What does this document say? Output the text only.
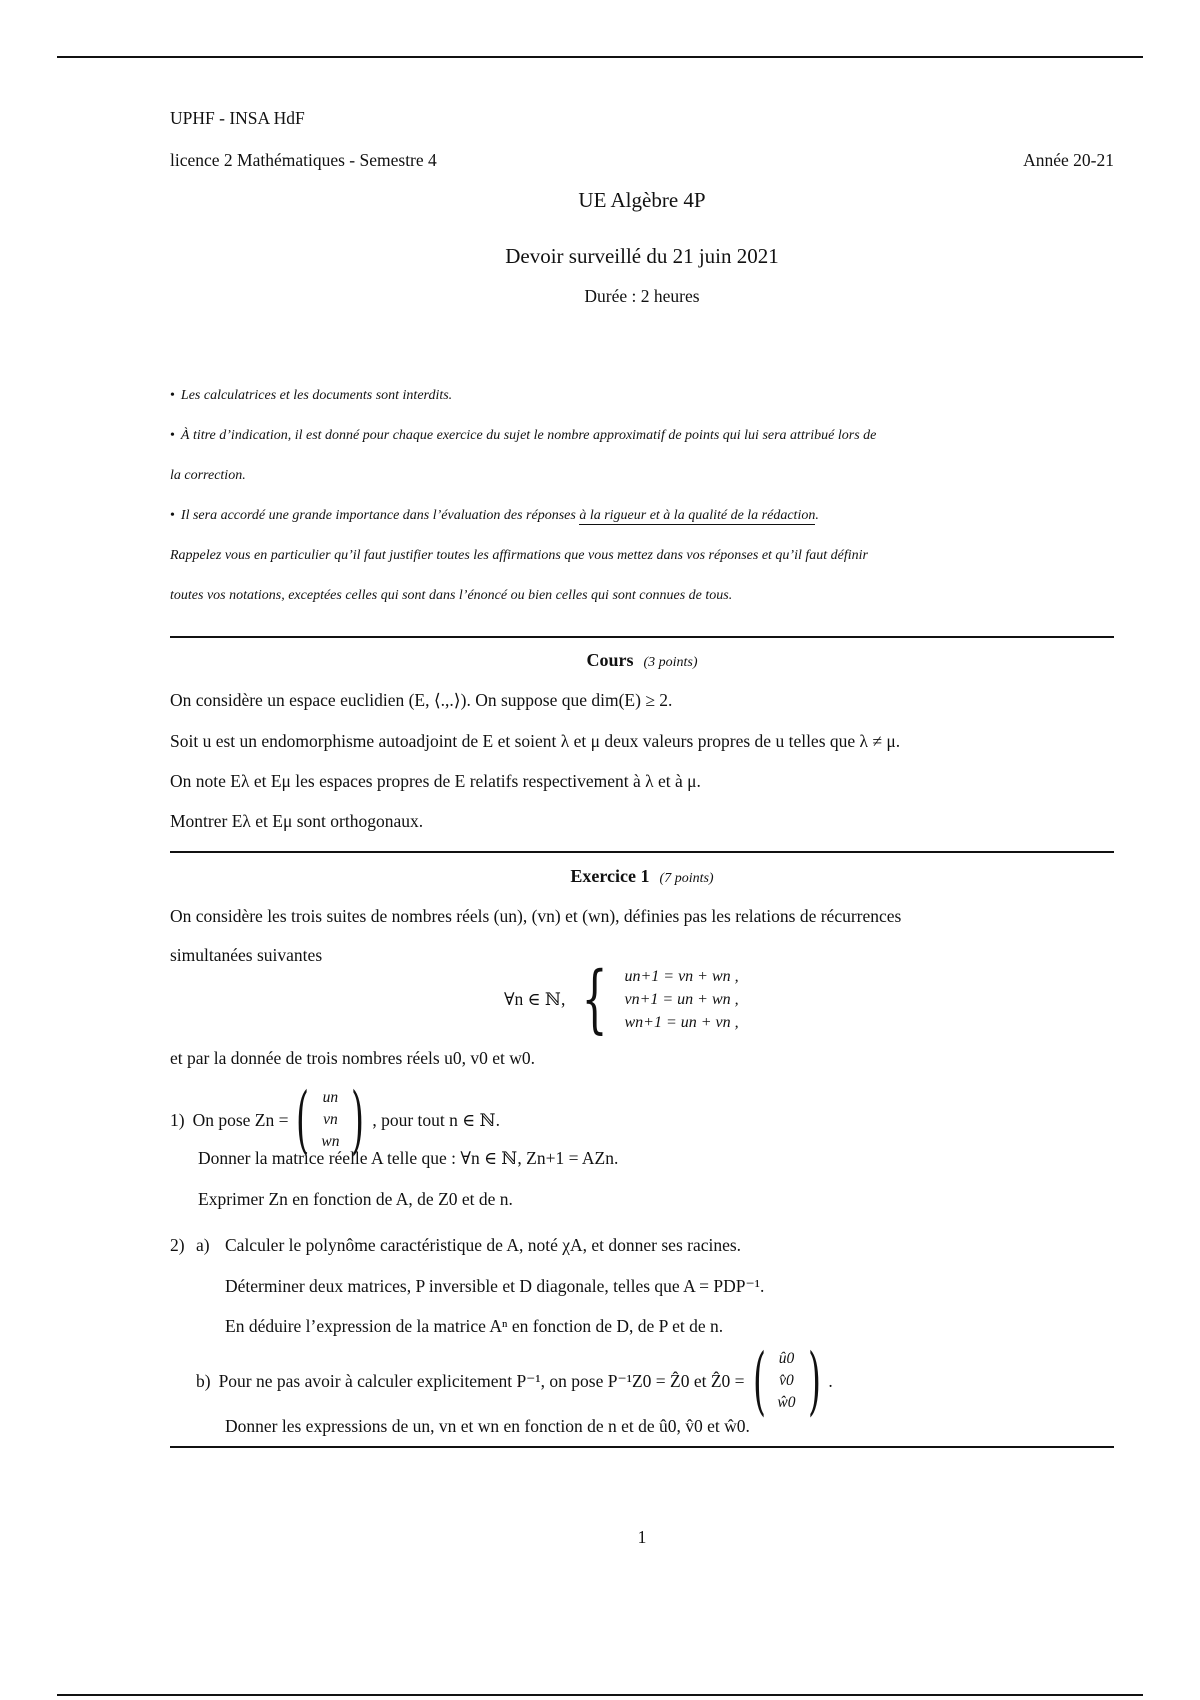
UPHF - INSA HdF
licence 2 Mathématiques - Semestre 4	Année 20-21
UE Algèbre 4P
Devoir surveillé du 21 juin 2021
Durée : 2 heures
• Les calculatrices et les documents sont interdits.
• À titre d’indication, il est donné pour chaque exercice du sujet le nombre approximatif de points qui lui sera attribué lors de
la correction.
• Il sera accordé une grande importance dans l’évaluation des réponses à la rigueur et à la qualité de la rédaction.
Rappelez vous en particulier qu’il faut justifier toutes les affirmations que vous mettez dans vos réponses et qu’il faut définir
toutes vos notations, exceptées celles qui sont dans l’énoncé ou bien celles qui sont connues de tous.
Cours (3 points)
On considère un espace euclidien (E, ⟨.,.⟩). On suppose que dim(E) ≥ 2.
Soit u est un endomorphisme autoadjoint de E et soient λ et μ deux valeurs propres de u telles que λ ≠ μ.
On note Eλ et Eμ les espaces propres de E relatifs respectivement à λ et à μ.
Montrer Eλ et Eμ sont orthogonaux.
Exercice 1 (7 points)
On considère les trois suites de nombres réels (un), (vn) et (wn), définies pas les relations de récurrences
simultanées suivantes
∀n ∈ ℕ, { un+1 = vn + wn ,
vn+1 = un + wn ,
wn+1 = un + vn ,
et par la donnée de trois nombres réels u0, v0 et w0.
1) On pose Zn = ( un
vn
wn ) , pour tout n ∈ ℕ.
Donner la matrice réelle A telle que : ∀n ∈ ℕ, Zn+1 = AZn.
Exprimer Zn en fonction de A, de Z0 et de n.
2) a) Calculer le polynôme caractéristique de A, noté χA, et donner ses racines.
Déterminer deux matrices, P inversible et D diagonale, telles que A = PDP⁻¹.
En déduire l’expression de la matrice Aⁿ en fonction de D, de P et de n.
b) Pour ne pas avoir à calculer explicitement P⁻¹, on pose P⁻¹Z0 = Ẑ0 et Ẑ0 = ( û0
v̂0
ŵ0 ) .
Donner les expressions de un, vn et wn en fonction de n et de û0, v̂0 et ŵ0.
1
